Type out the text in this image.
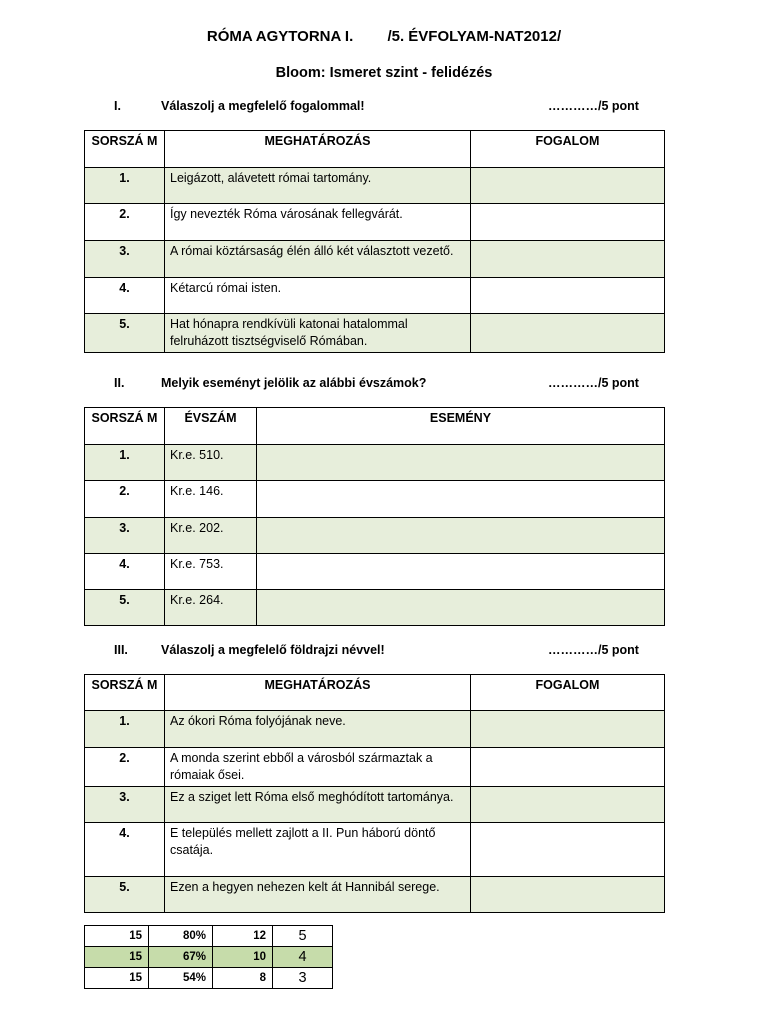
RÓMA AGYTORNA I. /5. ÉVFOLYAM-NAT2012/
Bloom: Ismeret szint - felidézés
I.	Válaszolj a megfelelő fogalommal!	…………/5 pont
SORSZÁ M	MEGHATÁROZÁS	FOGALOM
1.	Leigázott, alávetett római tartomány.	
2.	Így nevezték Róma városának fellegvárát.	
3.	A római köztársaság élén álló két választott vezető.	
4.	Kétarcú római isten.	
5.	Hat hónapra rendkívüli katonai hatalommal felruházott tisztségviselő Rómában.	
II.	Melyik eseményt jelölik az alábbi évszámok?	…………/5 pont
SORSZÁ M	ÉVSZÁM	ESEMÉNY
1.	Kr.e. 510.	
2.	Kr.e. 146.	
3.	Kr.e. 202.	
4.	Kr.e. 753.	
5.	Kr.e. 264.	
III.	Válaszolj a megfelelő földrajzi névvel!	…………/5 pont
SORSZÁ M	MEGHATÁROZÁS	FOGALOM
1.	Az ókori Róma folyójának neve.	
2.	A monda szerint ebből a városból származtak a rómaiak ősei.	
3.	Ez a sziget lett Róma első meghódított tartománya.	
4.	E település mellett zajlott a II. Pun háború döntő csatája.	
5.	Ezen a hegyen nehezen kelt át Hannibál serege.	
15	80%	12	5
15	67%	10	4
15	54%	8	3
